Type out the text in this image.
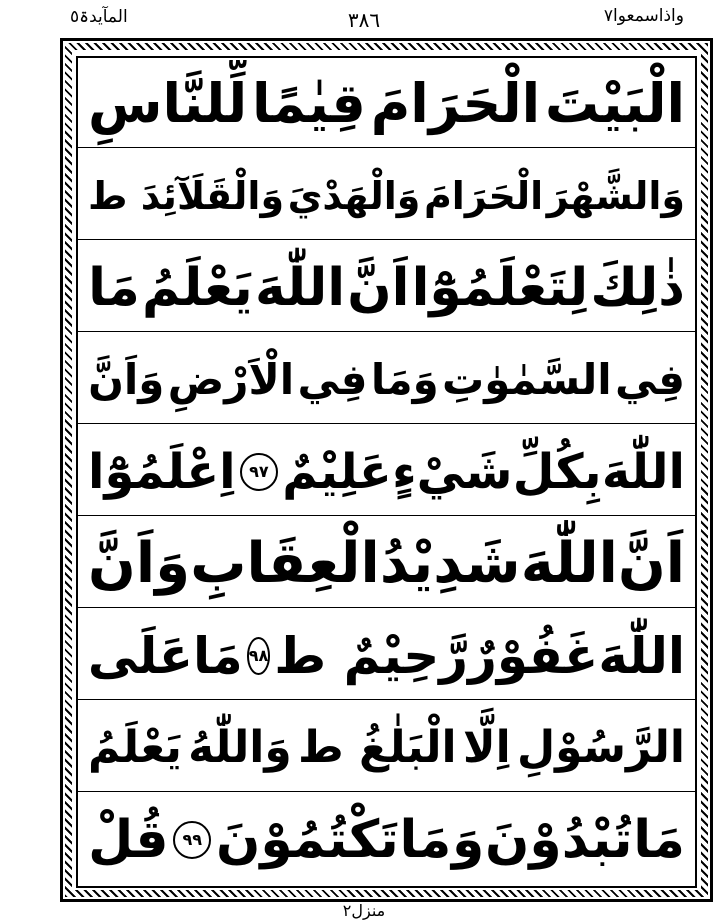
المآيدۃ٥	٣٨٦	واذاسمعوا٧
الْبَيْتَ
الْحَرَامَ
قِيٰمًا
لِّلنَّاسِ
وَالشَّهْرَ
الْحَرَامَ
وَالْهَدْيَ
وَالْقَلَآئِدَ ط
ذٰلِكَ
لِتَعْلَمُوْٓا
اَنَّ
اللّٰهَ
يَعْلَمُ
مَا
فِي
السَّمٰوٰتِ
وَمَا
فِي
الْاَرْضِ
وَاَنَّ
اللّٰهَ
بِكُلِّ
شَيْءٍ
عَلِيْمٌ
٩٧
اِعْلَمُوْٓا
اَنَّ
اللّٰهَ
شَدِيْدُ
الْعِقَابِ
وَ
اَنَّ
اللّٰهَ
غَفُوْرٌ
رَّحِيْمٌ ط
٩٨
مَا
عَلَى
الرَّسُوْلِ
اِلَّا
الْبَلٰغُ ط
وَاللّٰهُ
يَعْلَمُ
مَا
تُبْدُوْنَ
وَ
مَا
تَكْتُمُوْنَ
٩٩
قُلْ
منزل٢
